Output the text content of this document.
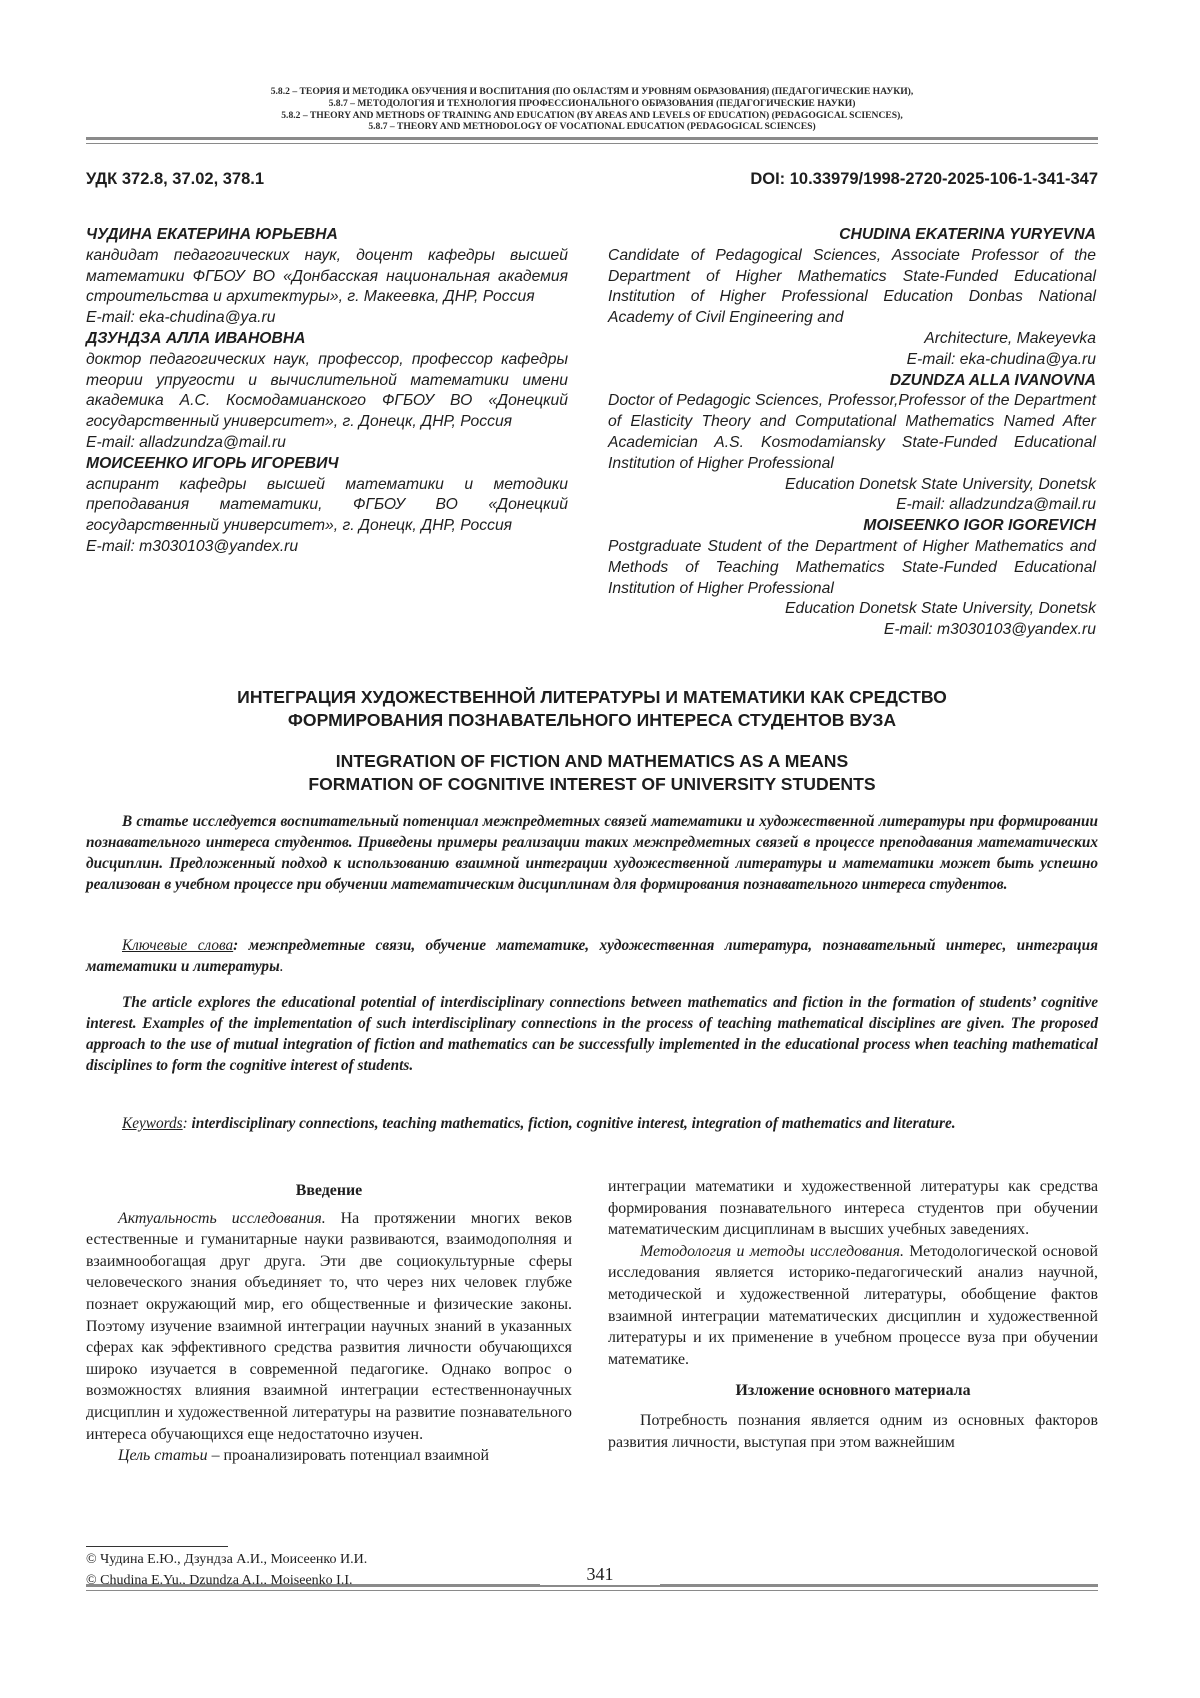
5.8.2 – ТЕОРИЯ И МЕТОДИКА ОБУЧЕНИЯ И ВОСПИТАНИЯ (ПО ОБЛАСТЯМ И УРОВНЯМ ОБРАЗОВАНИЯ) (ПЕДАГОГИЧЕСКИЕ НАУКИ),
5.8.7 – МЕТОДОЛОГИЯ И ТЕХНОЛОГИЯ ПРОФЕССИОНАЛЬНОГО ОБРАЗОВАНИЯ (ПЕДАГОГИЧЕСКИЕ НАУКИ)
5.8.2 – THEORY AND METHODS OF TRAINING AND EDUCATION (BY AREAS AND LEVELS OF EDUCATION) (PEDAGOGICAL SCIENCES),
5.8.7 – THEORY AND METHODOLOGY OF VOCATIONAL EDUCATION (PEDAGOGICAL SCIENCES)
УДК 372.8, 37.02, 378.1	DOI: 10.33979/1998-2720-2025-106-1-341-347

ЧУДИНА ЕКАТЕРИНА ЮРЬЕВНА

кандидат педагогических наук, доцент кафедры высшей математики ФГБОУ ВО «Донбасская национальная академия строительства и архитектуры», г. Макеевка, ДНР, Россия

E-mail: eka-chudina@ya.ru

ДЗУНДЗА АЛЛА ИВАНОВНА

доктор педагогических наук, профессор, профессор кафедры теории упругости и вычислительной математики имени академика А.С. Космодамианского ФГБОУ ВО «Донецкий государственный университет», г. Донецк, ДНР, Россия

E-mail: alladzundza@mail.ru

МОИСЕЕНКО ИГОРЬ ИГОРЕВИЧ

аспирант кафедры высшей математики и методики преподавания математики, ФГБОУ ВО «Донецкий государственный университет», г. Донецк, ДНР, Россия

E-mail: m3030103@yandex.ru

CHUDINA EKATERINA YURYEVNA

Candidate of Pedagogical Sciences, Associate Professor of the Department of Higher Mathematics State-Funded Educational Institution of Higher Professional Education Donbas National Academy of Civil Engineering and

Architecture, Makeyevka

E-mail: eka-chudina@ya.ru

DZUNDZA ALLA IVANOVNA

Doctor of Pedagogic Sciences, Professor,Professor of the Department of Elasticity Theory and Computational Mathematics Named After Academician A.S. Kosmodamiansky State-Funded Educational Institution of Higher Professional

Education Donetsk State University, Donetsk

E-mail: alladzundza@mail.ru

MOISEENKO IGOR IGOREVICH

Postgraduate Student of the Department of Higher Mathematics and Methods of Teaching Mathematics State-Funded Educational Institution of Higher Professional

Education Donetsk State University, Donetsk

E-mail: m3030103@yandex.ru

ИНТЕГРАЦИЯ ХУДОЖЕСТВЕННОЙ ЛИТЕРАТУРЫ И МАТЕМАТИКИ КАК СРЕДСТВО
ФОРМИРОВАНИЯ ПОЗНАВАТЕЛЬНОГО ИНТЕРЕСА СТУДЕНТОВ ВУЗА
INTEGRATION OF FICTION AND MATHEMATICS AS A MEANS
FORMATION OF COGNITIVE INTEREST OF UNIVERSITY STUDENTS

В статье исследуется воспитательный потенциал межпредметных связей математики и художественной литературы при формировании познавательного интереса студентов. Приведены примеры реализации таких межпредметных связей в процессе преподавания математических дисциплин. Предложенный подход к использованию взаимной интеграции художественной литературы и математики может быть успешно реализован в учебном процессе при обучении математическим дисциплинам для формирования познавательного интереса студентов.

Ключевые слова: межпредметные связи, обучение математике, художественная литература, познавательный интерес, интеграция математики и литературы.

The article explores the educational potential of interdisciplinary connections between mathematics and fiction in the formation of students’ cognitive interest. Examples of the implementation of such interdisciplinary connections in the process of teaching mathematical disciplines are given. The proposed approach to the use of mutual integration of fiction and mathematics can be successfully implemented in the educational process when teaching mathematical disciplines to form the cognitive interest of students.

Keywords: interdisciplinary connections, teaching mathematics, fiction, cognitive interest, integration of mathematics and literature.

Введение

Актуальность исследования. На протяжении многих веков естественные и гуманитарные науки развиваются, взаимодополняя и взаимнообогащая друг друга. Эти две социокультурные сферы человеческого знания объединяет то, что через них человек глубже познает окружающий мир, его общественные и физические законы. Поэтому изучение взаимной интеграции научных знаний в указанных сферах как эффективного средства развития личности обучающихся широко изучается в современной педагогике. Однако вопрос о возможностях влияния взаимной интеграции естественнонаучных дисциплин и художественной литературы на развитие познавательного интереса обучающихся еще недостаточно изучен.

Цель статьи – проанализировать потенциал взаимной

интеграции математики и художественной литературы как средства формирования познавательного интереса студентов при обучении математическим дисциплинам в высших учебных заведениях.

Методология и методы исследования. Методологической основой исследования является историко-педагогический анализ научной, методической и художественной литературы, обобщение фактов взаимной интеграции математических дисциплин и художественной литературы и их применение в учебном процессе вуза при обучении математике.

Изложение основного материала

Потребность познания является одним из основных факторов развития личности, выступая при этом важнейшим

© Чудина Е.Ю., Дзундза А.И., Моисеенко И.И.
© Chudina E.Yu., Dzundza A.I., Moiseenko I.I.	341
